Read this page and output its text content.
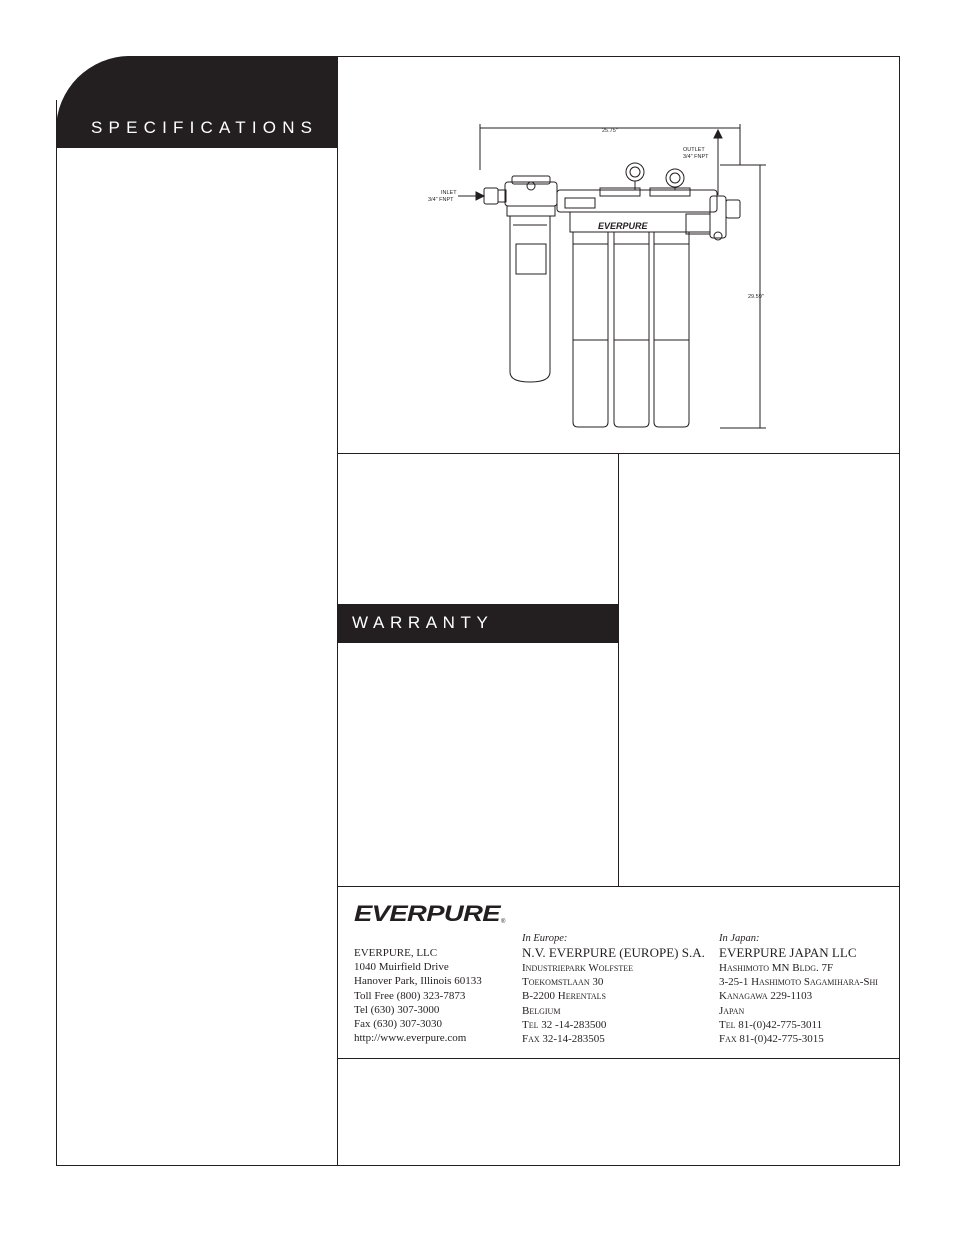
SPECIFICATIONS
WARRANTY
25.75"
29.59"
INLET
3/4" FNPT
OUTLET
3/4" FNPT
EVERPURE
EVERPURE
®
EVERPURE, LLC
1040 Muirfield Drive
Hanover Park, Illinois 60133
Toll Free (800) 323-7873
Tel (630) 307-3000
Fax (630) 307-3030
http://www.everpure.com
In Europe:
N.V. EVERPURE (EUROPE) S.A.
Industriepark Wolfstee
Toekomstlaan 30
B-2200 Herentals
Belgium
Tel 32 -14-283500
Fax 32-14-283505
In Japan:
EVERPURE JAPAN LLC
Hashimoto MN Bldg. 7F
3-25-1 Hashimoto Sagamihara-Shi
Kanagawa 229-1103
Japan
Tel 81-(0)42-775-3011
Fax 81-(0)42-775-3015
